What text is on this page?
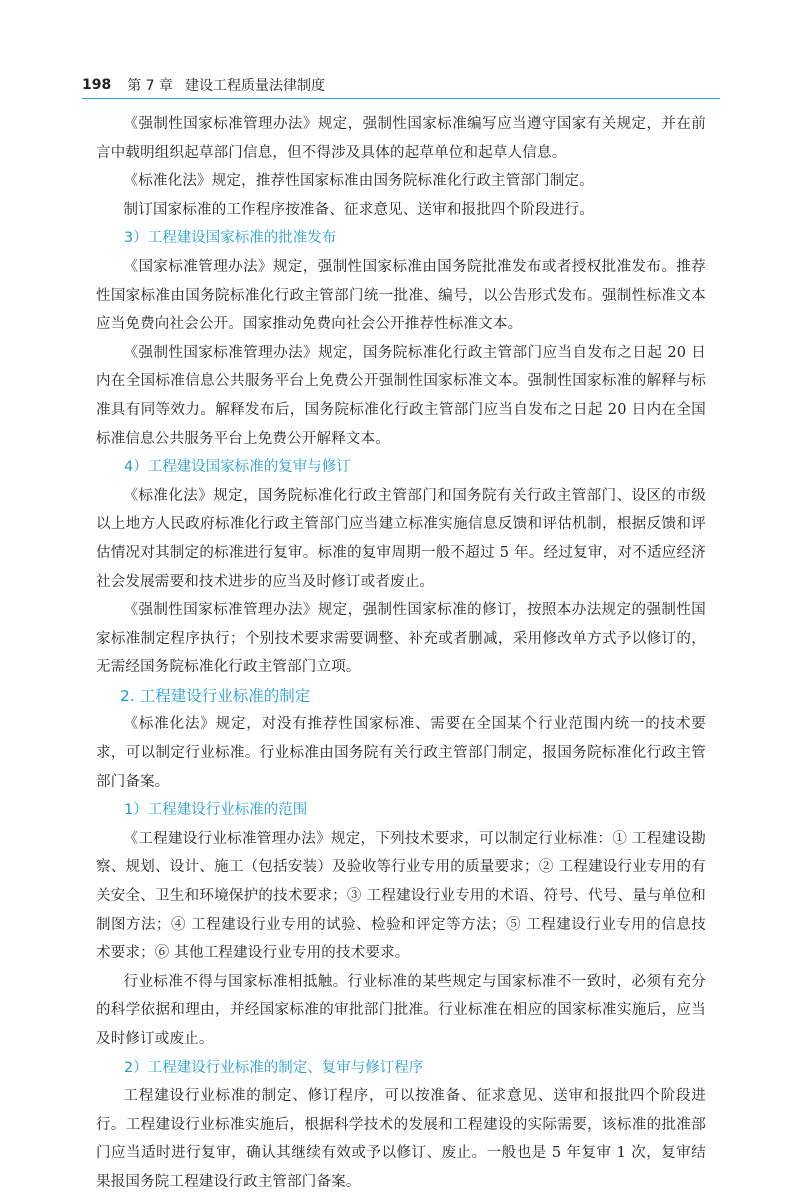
198 第 7 章 建设工程质量法律制度

《强制性国家标准管理办法》规定，强制性国家标准编写应当遵守国家有关规定，并在前言中载明组织起草部门信息，但不得涉及具体的起草单位和起草人信息。

《标准化法》规定，推荐性国家标准由国务院标准化行政主管部门制定。

制订国家标准的工作程序按准备、征求意见、送审和报批四个阶段进行。

3）工程建设国家标准的批准发布

《国家标准管理办法》规定，强制性国家标准由国务院批准发布或者授权批准发布。推荐性国家标准由国务院标准化行政主管部门统一批准、编号，以公告形式发布。强制性标准文本应当免费向社会公开。国家推动免费向社会公开推荐性标准文本。

《强制性国家标准管理办法》规定，国务院标准化行政主管部门应当自发布之日起 20 日内在全国标准信息公共服务平台上免费公开强制性国家标准文本。强制性国家标准的解释与标准具有同等效力。解释发布后，国务院标准化行政主管部门应当自发布之日起 20 日内在全国标准信息公共服务平台上免费公开解释文本。

4）工程建设国家标准的复审与修订

《标准化法》规定，国务院标准化行政主管部门和国务院有关行政主管部门、设区的市级以上地方人民政府标准化行政主管部门应当建立标准实施信息反馈和评估机制，根据反馈和评估情况对其制定的标准进行复审。标准的复审周期一般不超过 5 年。经过复审，对不适应经济社会发展需要和技术进步的应当及时修订或者废止。

《强制性国家标准管理办法》规定，强制性国家标准的修订，按照本办法规定的强制性国家标准制定程序执行；个别技术要求需要调整、补充或者删减，采用修改单方式予以修订的，无需经国务院标准化行政主管部门立项。

2. 工程建设行业标准的制定

《标准化法》规定，对没有推荐性国家标准、需要在全国某个行业范围内统一的技术要求，可以制定行业标准。行业标准由国务院有关行政主管部门制定，报国务院标准化行政主管部门备案。

1）工程建设行业标准的范围

《工程建设行业标准管理办法》规定，下列技术要求，可以制定行业标准：① 工程建设勘察、规划、设计、施工（包括安装）及验收等行业专用的质量要求；② 工程建设行业专用的有关安全、卫生和环境保护的技术要求；③ 工程建设行业专用的术语、符号、代号、量与单位和制图方法；④ 工程建设行业专用的试验、检验和评定等方法；⑤ 工程建设行业专用的信息技术要求；⑥ 其他工程建设行业专用的技术要求。

行业标准不得与国家标准相抵触。行业标准的某些规定与国家标准不一致时，必须有充分的科学依据和理由，并经国家标准的审批部门批准。行业标准在相应的国家标准实施后，应当及时修订或废止。

2）工程建设行业标准的制定、复审与修订程序

工程建设行业标准的制定、修订程序，可以按准备、征求意见、送审和报批四个阶段进行。工程建设行业标准实施后，根据科学技术的发展和工程建设的实际需要，该标准的批准部门应当适时进行复审，确认其继续有效或予以修订、废止。一般也是 5 年复审 1 次，复审结果报国务院工程建设行政主管部门备案。
